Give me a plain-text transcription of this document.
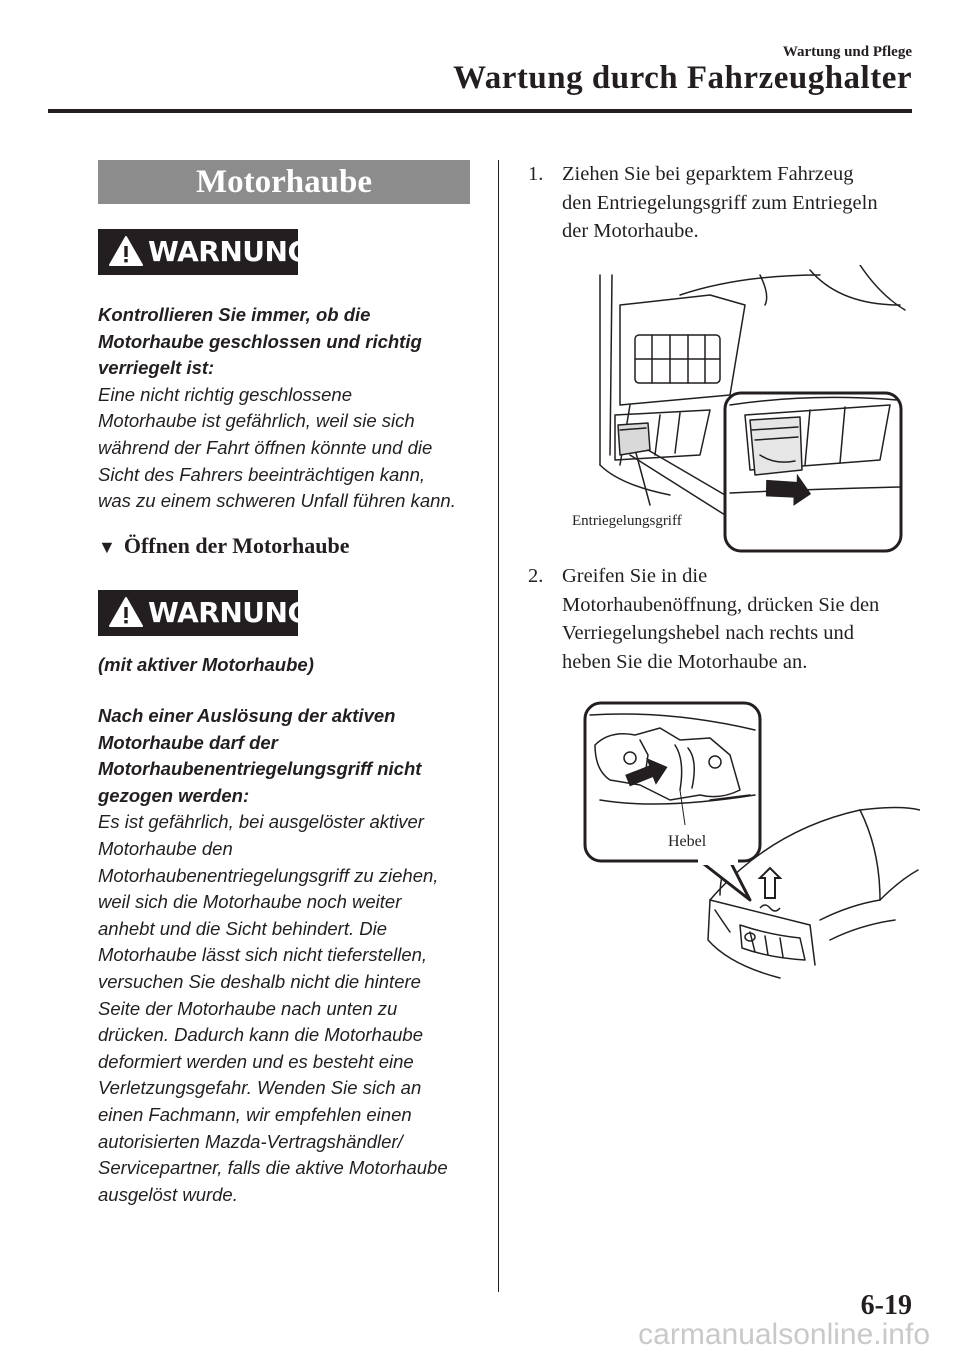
Wartung und Pflege
Wartung durch Fahrzeughalter
Motorhaube
WARNUNG

Kontrollieren Sie immer, ob die

Motorhaube geschlossen und richtig

verriegelt ist:

Eine nicht richtig geschlossene

Motorhaube ist gefährlich, weil sie sich

während der Fahrt öffnen könnte und die

Sicht des Fahrers beeinträchtigen kann,

was zu einem schweren Unfall führen kann.

▼ Öffnen der Motorhaube
WARNUNG

(mit aktiver Motorhaube)

Nach einer Auslösung der aktiven

Motorhaube darf der

Motorhaubenentriegelungsgriff nicht

gezogen werden:

Es ist gefährlich, bei ausgelöster aktiver

Motorhaube den

Motorhaubenentriegelungsgriff zu ziehen,

weil sich die Motorhaube noch weiter

anhebt und die Sicht behindert. Die

Motorhaube lässt sich nicht tieferstellen,

versuchen Sie deshalb nicht die hintere

Seite der Motorhaube nach unten zu

drücken. Dadurch kann die Motorhaube

deformiert werden und es besteht eine

Verletzungsgefahr. Wenden Sie sich an

einen Fachmann, wir empfehlen einen

autorisierten Mazda-Vertragshändler/

Servicepartner, falls die aktive Motorhaube

ausgelöst wurde.

1. Ziehen Sie bei geparktem Fahrzeug
den Entriegelungsgriff zum Entriegeln
der Motorhaube.
Entriegelungsgriff
2. Greifen Sie in die
Motorhaubenöffnung, drücken Sie den
Verriegelungshebel nach rechts und
heben Sie die Motorhaube an.
Hebel
6-19
carmanualsonline.info
